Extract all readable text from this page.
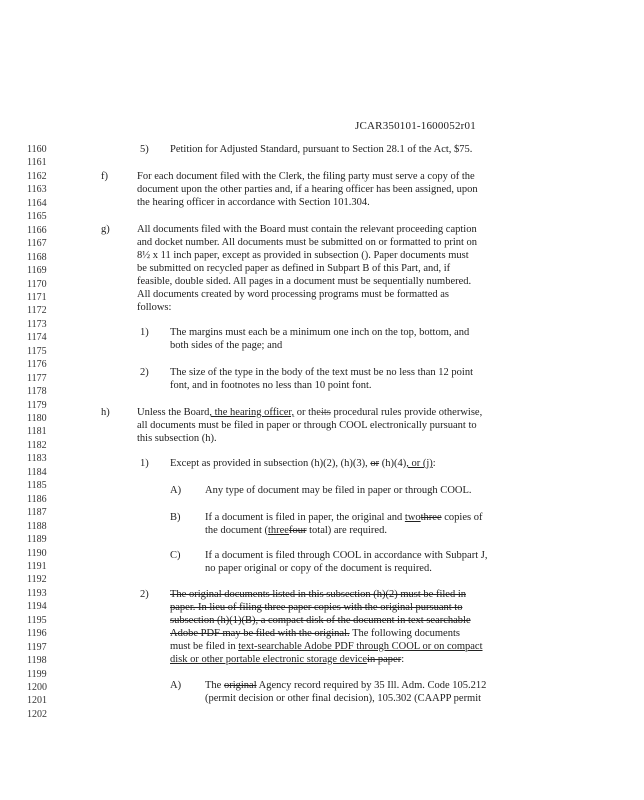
JCAR350101-1600052r01
1160
1161
1162
1163
1164
1165
1166
1167
1168
1169
1170
1171
1172
1173
1174
1175
1176
1177
1178
1179
1180
1181
1182
1183
1184
1185
1186
1187
1188
1189
1190
1191
1192
1193
1194
1195
1196
1197
1198
1199
1200
1201
1202
5) Petition for Adjusted Standard, pursuant to Section 28.1 of the Act, $75.
f)	For each document filed with the Clerk, the filing party must serve a copy of the
document upon the other parties and, if a hearing officer has been assigned, upon
the hearing officer in accordance with Section 101.304.
g)	All documents filed with the Board must contain the relevant proceeding caption
and docket number. All documents must be submitted on or formatted to print on
8½ x 11 inch paper, except as provided in subsection (). Paper documents must
be submitted on recycled paper as defined in Subpart B of this Part, and, if
feasible, double sided. All pages in a document must be sequentially numbered.
All documents created by word processing programs must be formatted as
follows:
1) The margins must each be a minimum one inch on the top, bottom, and
both sides of the page; and
2) The size of the type in the body of the text must be no less than 12 point
font, and in footnotes no less than 10 point font.
h)	Unless the Board, the hearing officer, or theits procedural rules provide otherwise,
all documents must be filed in paper or through COOL electronically pursuant to
this subsection (h).
1) Except as provided in subsection (h)(2), (h)(3), or (h)(4), or (j):
A) Any type of document may be filed in paper or through COOL.
B) If a document is filed in paper, the original and twothree copies of
the document (threefour total) are required.
C) If a document is filed through COOL in accordance with Subpart J,
no paper original or copy of the document is required.
2) The original documents listed in this subsection (h)(2) must be filed in
paper. In lieu of filing three paper copies with the original pursuant to
subsection (h)(1)(B), a compact disk of the document in text searchable
Adobe PDF may be filed with the original. The following documents
must be filed in text-searchable Adobe PDF through COOL or on compact
disk or other portable electronic storage devicein paper:
A) The original Agency record required by 35 Ill. Adm. Code 105.212
(permit decision or other final decision), 105.302 (CAAPP permit
